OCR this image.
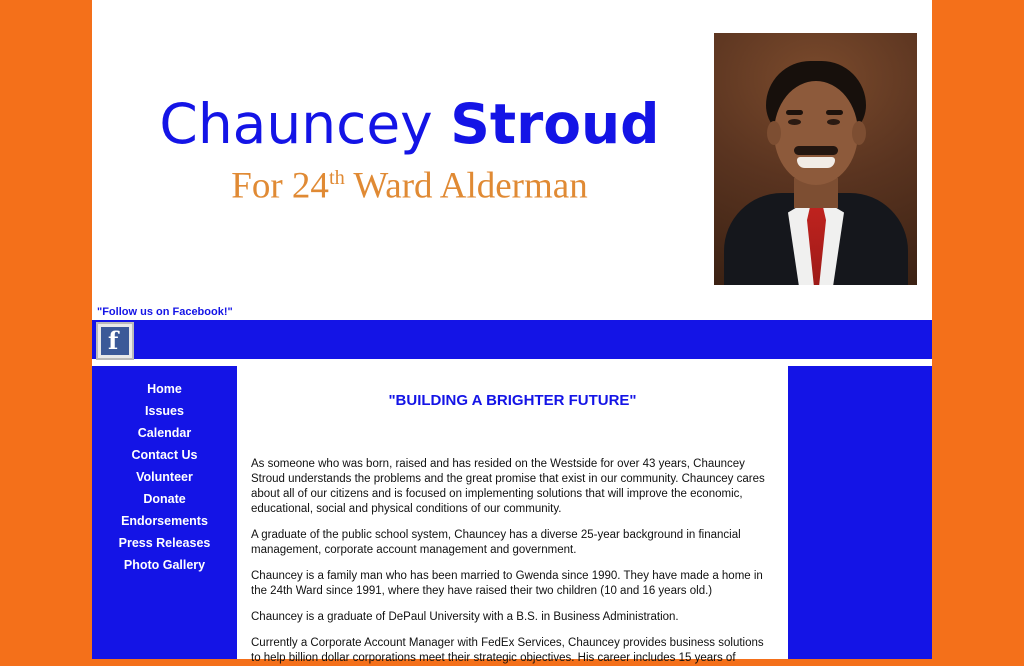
Chauncey Stroud
For 24th Ward Alderman
"Follow us on Facebook!"
f
Home
Issues
Calendar
Contact Us
Volunteer
Donate
Endorsements
Press Releases
Photo Gallery
"BUILDING A BRIGHTER FUTURE"

As someone who was born, raised and has resided on the Westside for over 43 years, Chauncey Stroud understands the problems and the great promise that exist in our community. Chauncey cares about all of our citizens and is focused on implementing solutions that will improve the economic, educational, social and physical conditions of our community.

A graduate of the public school system, Chauncey has a diverse 25-year background in financial management, corporate account management and government.

Chauncey is a family man who has been married to Gwenda since 1990. They have made a home in the 24th Ward since 1991, where they have raised their two children (10 and 16 years old.)

Chauncey is a graduate of DePaul University with a B.S. in Business Administration.

Currently a Corporate Account Manager with FedEx Services, Chauncey provides business solutions to help billion dollar corporations meet their strategic objectives. His career includes 15 years of
